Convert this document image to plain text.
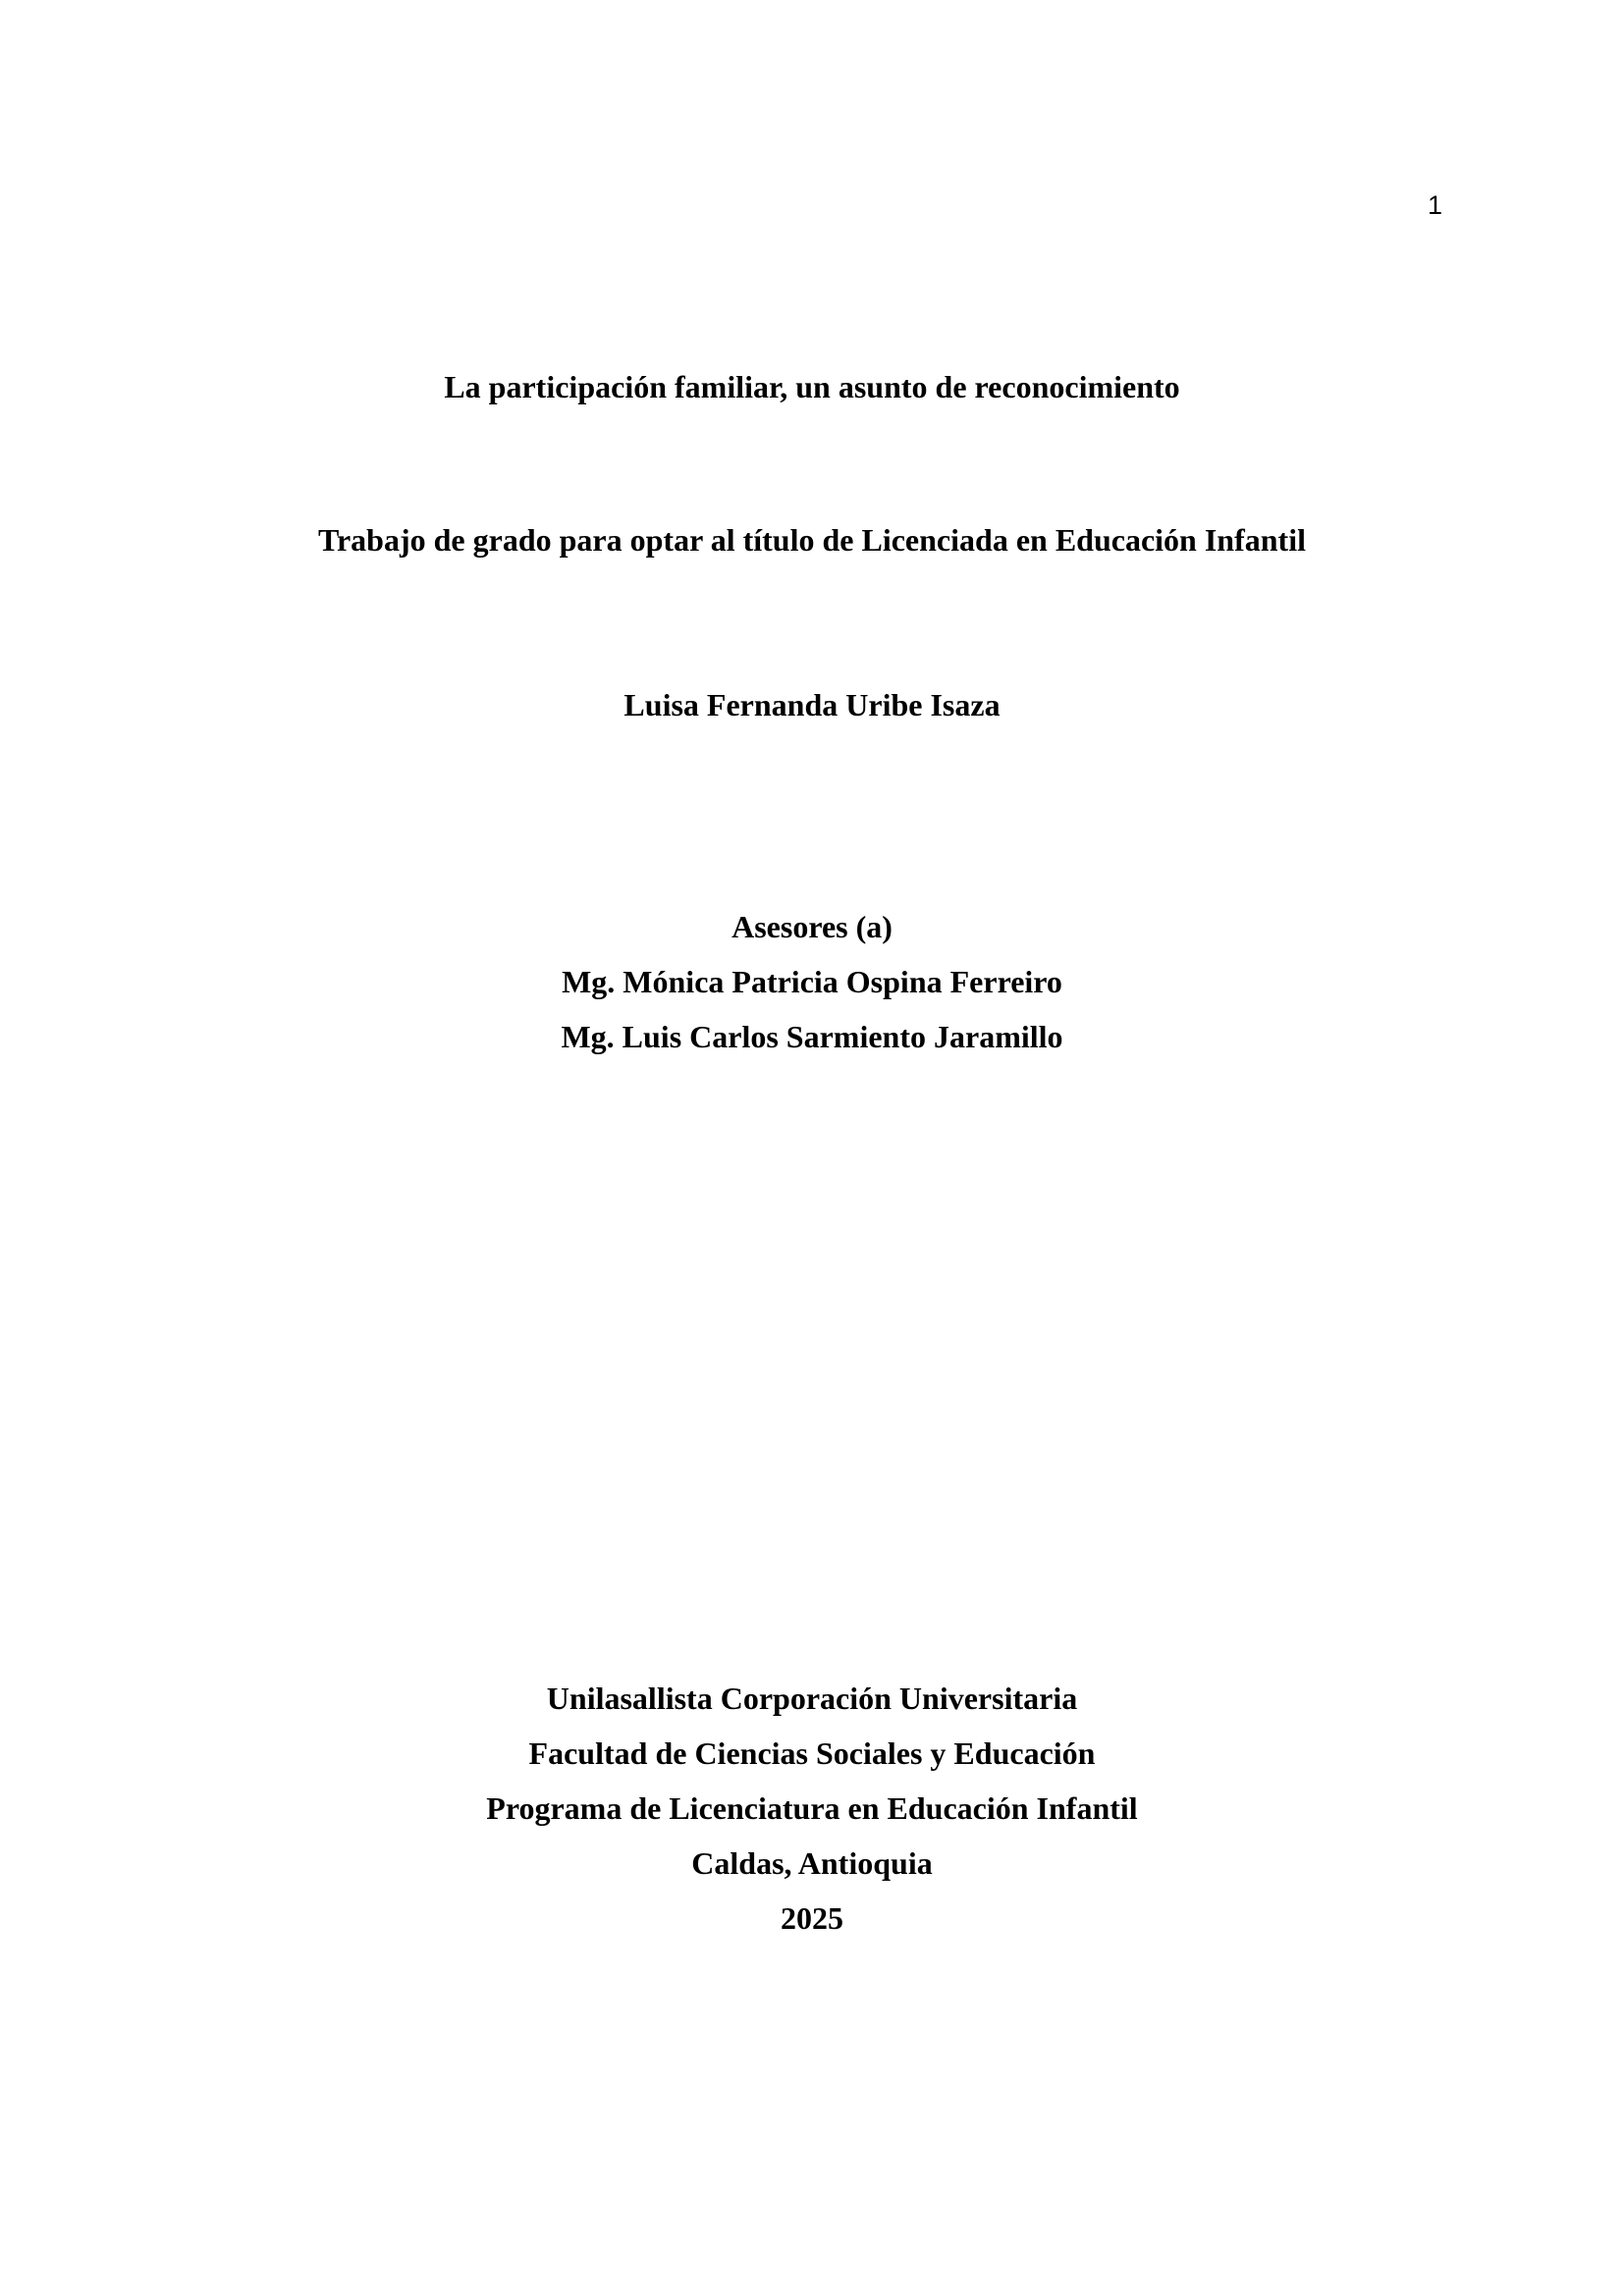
1
La participación familiar, un asunto de reconocimiento
Trabajo de grado para optar al título de Licenciada en Educación Infantil
Luisa Fernanda Uribe Isaza
Asesores (a)
Mg. Mónica Patricia Ospina Ferreiro
Mg. Luis Carlos Sarmiento Jaramillo
Unilasallista Corporación Universitaria
Facultad de Ciencias Sociales y Educación
Programa de Licenciatura en Educación Infantil
Caldas, Antioquia
2025
